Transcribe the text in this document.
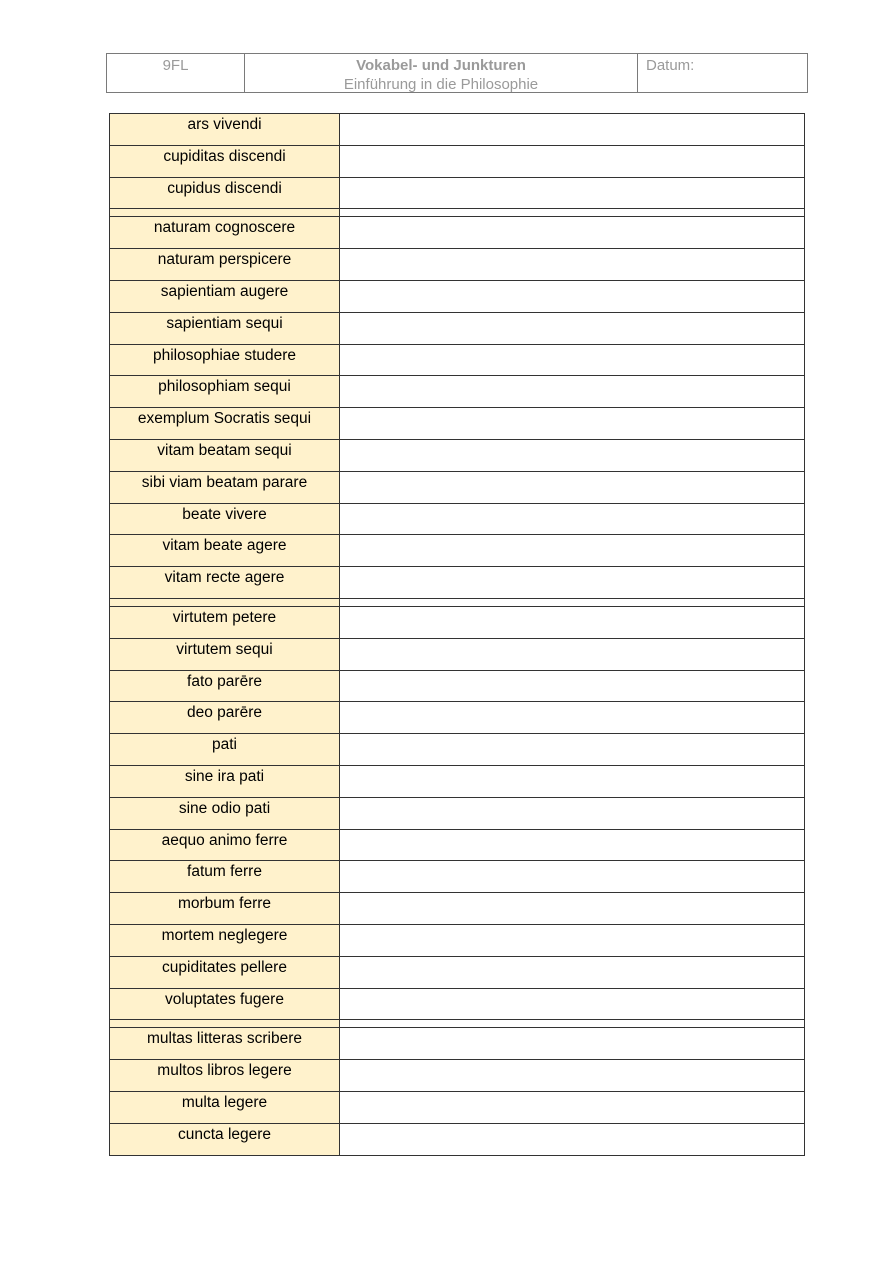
9FL	Vokabel- und Junkturen
Einführung in die Philosophie
Datum:
ars vivendi
cupiditas discendi
cupidus discendi
naturam cognoscere
naturam perspicere
sapientiam augere
sapientiam sequi
philosophiae studere
philosophiam sequi
exemplum Socratis sequi
vitam beatam sequi
sibi viam beatam parare
beate vivere
vitam beate agere
vitam recte agere
virtutem petere
virtutem sequi
fato parēre
deo parēre
pati
sine ira pati
sine odio pati
aequo animo ferre
fatum ferre
morbum ferre
mortem neglegere
cupiditates pellere
voluptates fugere
multas litteras scribere
multos libros legere
multa legere
cuncta legere
